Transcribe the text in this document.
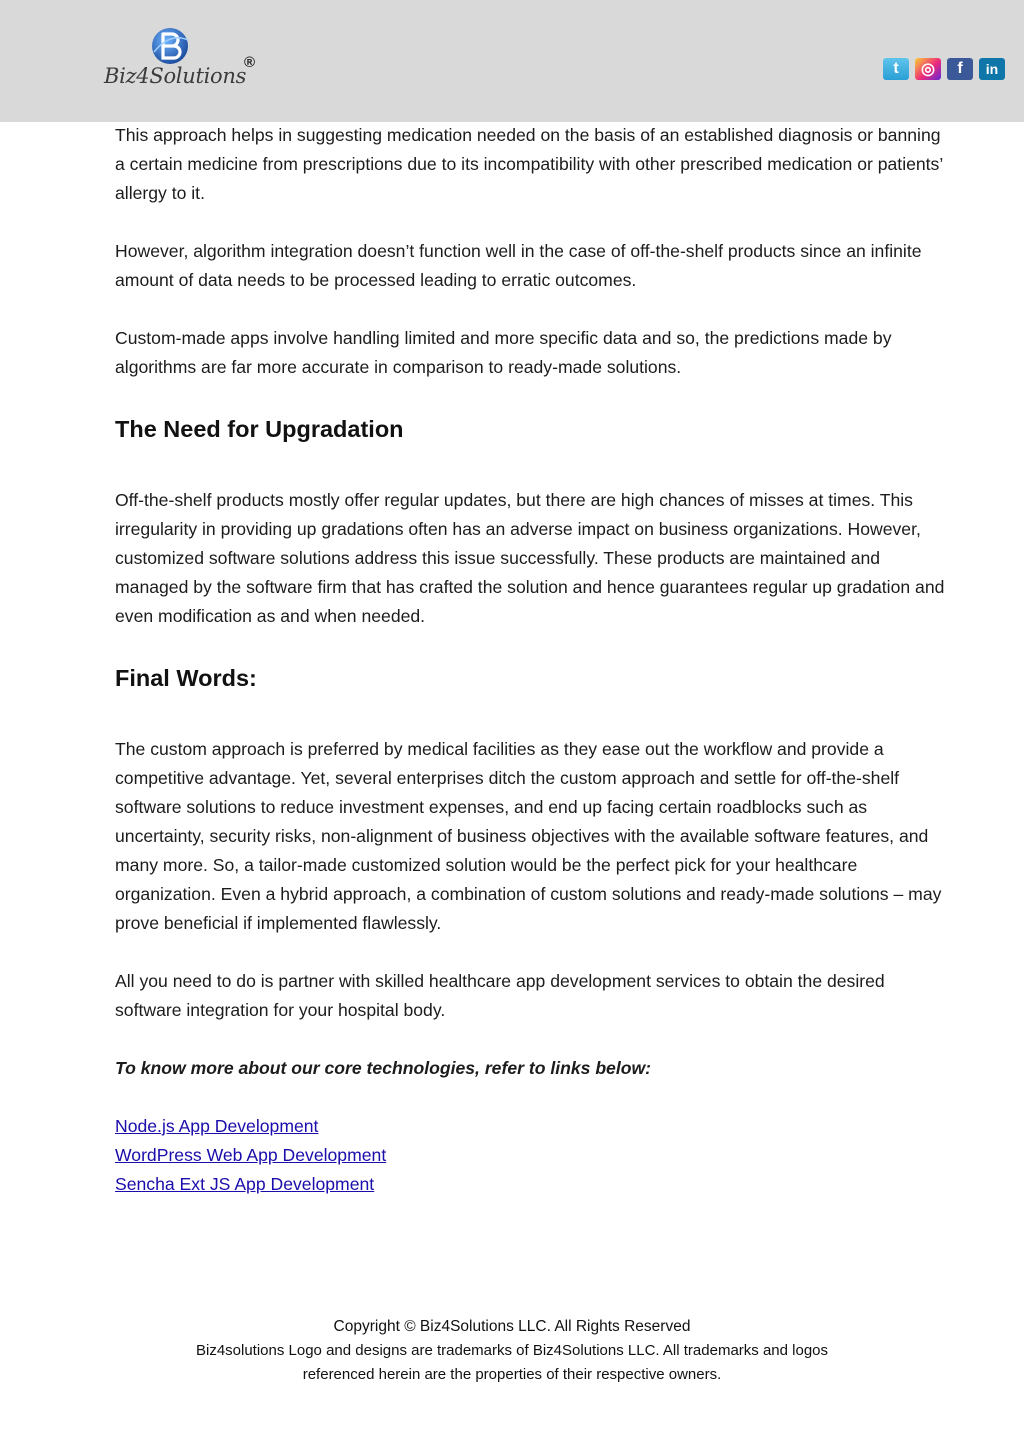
Biz4Solutions
®	t	◎	f	in

This approach helps in suggesting medication needed on the basis of an established diagnosis or banning a certain medicine from prescriptions due to its incompatibility with other prescribed medication or patients’ allergy to it.

However, algorithm integration doesn’t function well in the case of off-the-shelf products since an infinite amount of data needs to be processed leading to erratic outcomes.

Custom-made apps involve handling limited and more specific data and so, the predictions made by algorithms are far more accurate in comparison to ready-made solutions.

The Need for Upgradation

Off-the-shelf products mostly offer regular updates, but there are high chances of misses at times. This irregularity in providing up gradations often has an adverse impact on business organizations. However, customized software solutions address this issue successfully. These products are maintained and managed by the software firm that has crafted the solution and hence guarantees regular up gradation and even modification as and when needed.

Final Words:

The custom approach is preferred by medical facilities as they ease out the workflow and provide a competitive advantage. Yet, several enterprises ditch the custom approach and settle for off-the-shelf software solutions to reduce investment expenses, and end up facing certain roadblocks such as uncertainty, security risks, non-alignment of business objectives with the available software features, and many more. So, a tailor-made customized solution would be the perfect pick for your healthcare organization. Even a hybrid approach, a combination of custom solutions and ready-made solutions – may prove beneficial if implemented flawlessly.

All you need to do is partner with skilled healthcare app development services to obtain the desired software integration for your hospital body.

To know more about our core technologies, refer to links below:

Node.js App Development
WordPress Web App Development
Sencha Ext JS App Development
Copyright © Biz4Solutions LLC. All Rights Reserved
Biz4solutions Logo and designs are trademarks of Biz4Solutions LLC. All trademarks and logos
referenced herein are the properties of their respective owners.
